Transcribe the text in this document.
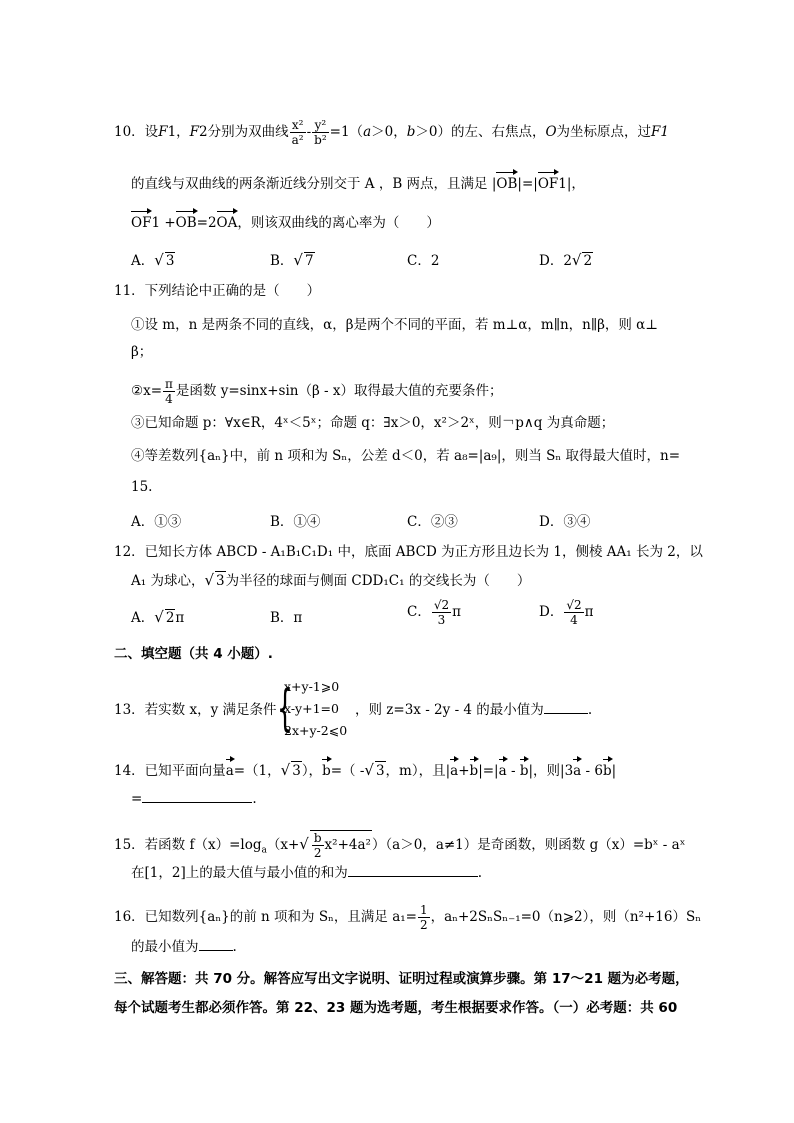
10．设F1，F2分别为双曲线 $\frac{\text{x²}}{\text{a²}} - \frac{\text{y²}}{\text{b²}} =1(a>0$，b＞0）的左、右焦点，O为坐标原点，过F1
的直线与双曲线的两条渐近线分别交于 A ，B 两点，且满足 |OB|=|OF1|，
OF1 +OB=2OA，则该双曲线的离心率为（　　）
A．√ 3	B．√ 7	C．2	D．2√ 2
11．下列结论中正确的是（　　）
①设 m，n 是两条不同的直线，α，β是两个不同的平面，若 m⊥α，m∥n，n∥β，则 α⊥
β；
②x= $\frac{\pi}{4}$ 是函数 y=sinx+sin（β - x）取得最大值的充要条件；
③已知命题 p：∀x∈R，4ˣ＜5ˣ；命题 q：∃x＞0，x²＞2ˣ，则￢p∧q 为真命题；
④等差数列{aₙ}中，前 n 项和为 Sₙ，公差 d＜0，若 a₈=|a₉|，则当 Sₙ 取得最大值时，n=
15.
A．①③	B．①④	C．②③	D．③④
12．已知长方体 ABCD - A₁B₁C₁D₁ 中，底面 ABCD 为正方形且边长为 1，侧棱 AA₁ 长为 2，以
A₁ 为球心，√ 3为半径的球面与侧面 CDD₁C₁ 的交线长为（　　）
A．√ 2π	B．π	C． $\frac{√2}{3}$ π	D． $\frac{√2}{4}$ π
二、填空题（共 4 小题）.
13．若实数 x，y 满足条件 {
x+y-1⩾0
x-y+1=0
2x+y-2⩽0
，则 z=3x - 2y - 4 的最小值为	.
14．已知平面向量a=（1，√ 3），b=（ -√ 3，m），且|a+b|=|a - b|，则|3a - 6b|
=	.
15．若函数 $f(x)=\log_a(x+√ \frac{b}{2} x^2+4a^2)(a>0$，a≠1）是奇函数，则函数 g（x）=bˣ - aˣ
在[1，2]上的最大值与最小值的和为	.
16．已知数列{aₙ}的前 n 项和为 Sₙ，且满足 $a_1= \frac{1}{2}$ ，aₙ+2SₙSₙ₋₁=0（n⩾2），则（n²+16）Sₙ
的最小值为	.
三、解答题：共 70 分。解答应写出文字说明、证明过程或演算步骤。第 17～21 题为必考题，
每个试题考生都必须作答。第 22、23 题为选考题，考生根据要求作答。（一）必考题：共 60
